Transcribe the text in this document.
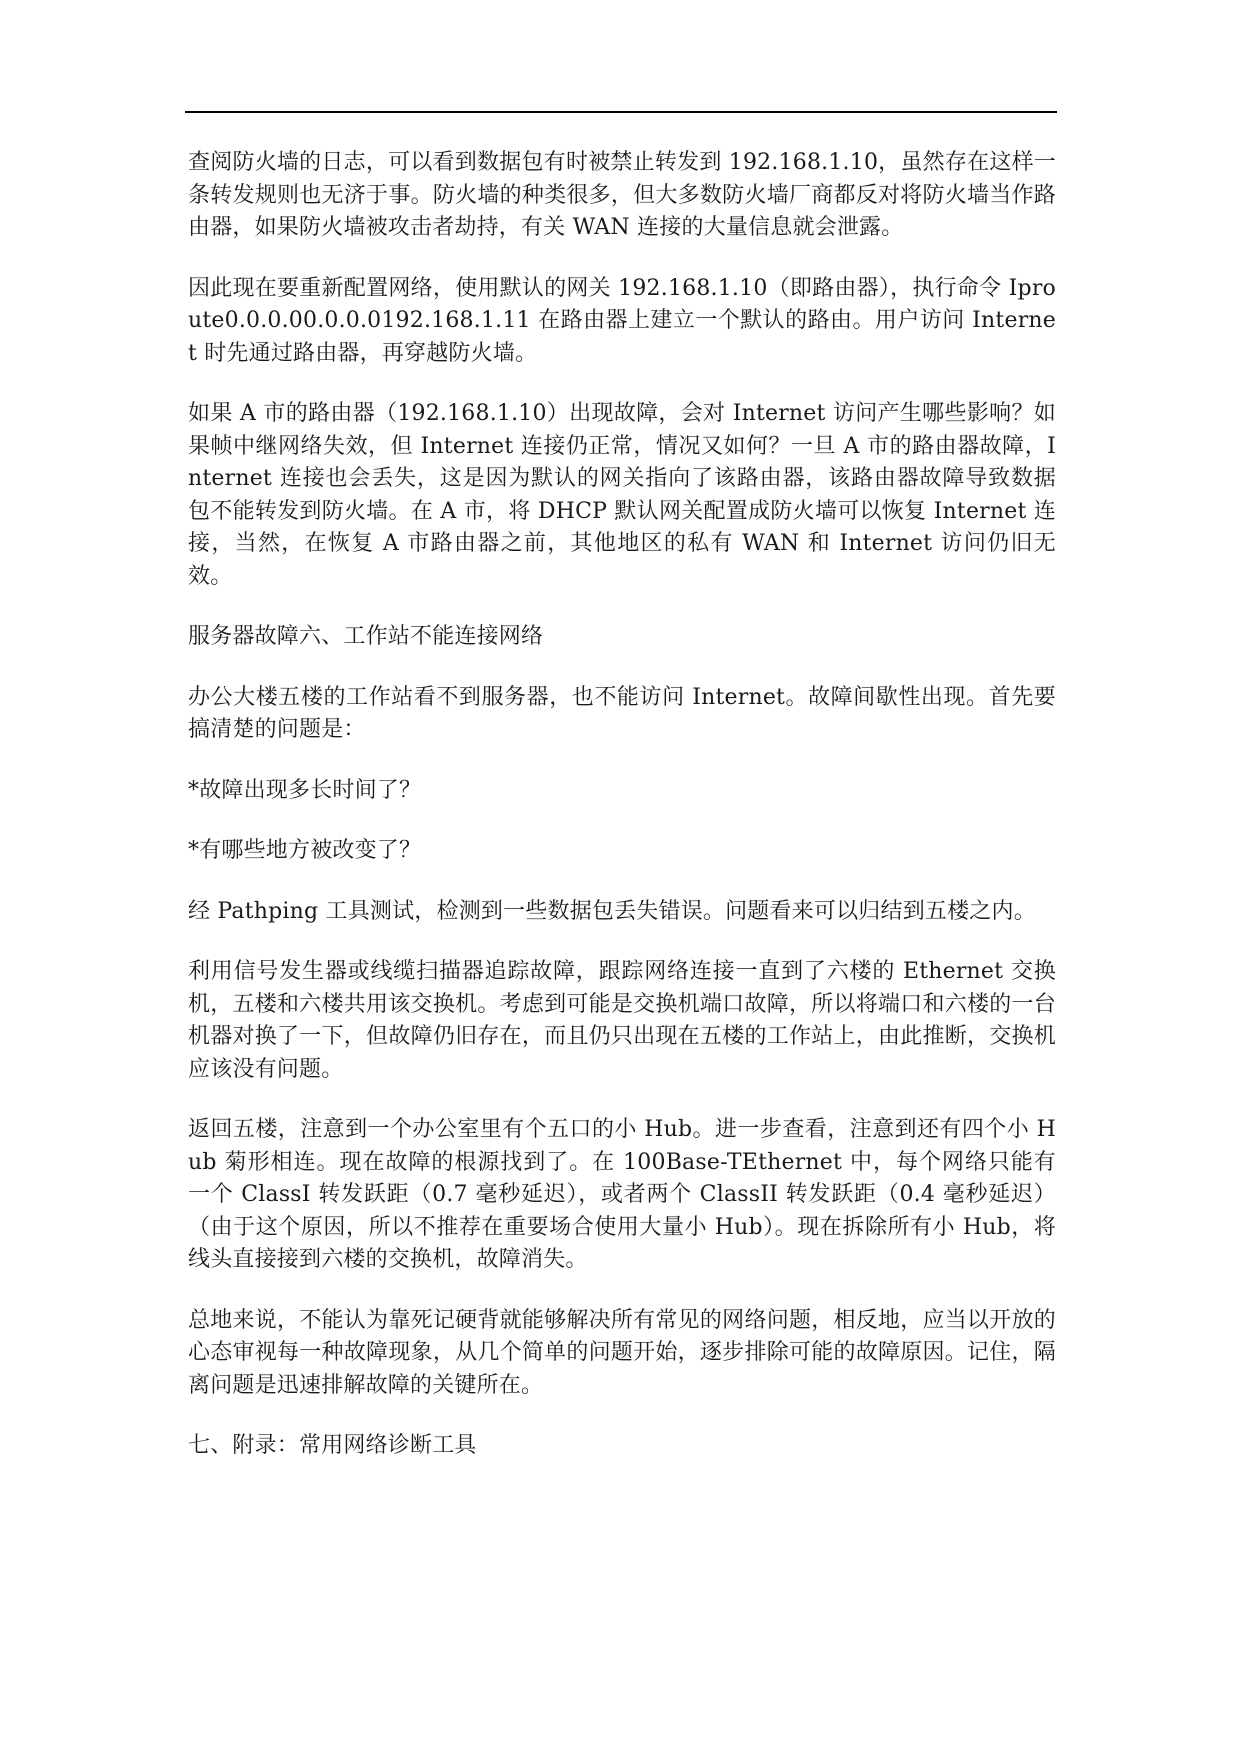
查阅防火墙的日志，可以看到数据包有时被禁止转发到 192.168.1.10，虽然存在这样一条转发规则也无济于事。防火墙的种类很多，但大多数防火墙厂商都反对将防火墙当作路由器，如果防火墙被攻击者劫持，有关 WAN 连接的大量信息就会泄露。

因此现在要重新配置网络，使用默认的网关 192.168.1.10（即路由器），执行命令 Iproute0.0.0.00.0.0.0192.168.1.11 在路由器上建立一个默认的路由。用户访问 Internet 时先通过路由器，再穿越防火墙。

如果 A 市的路由器（192.168.1.10）出现故障，会对 Internet 访问产生哪些影响？如果帧中继网络失效，但 Internet 连接仍正常，情况又如何？一旦 A 市的路由器故障，Internet 连接也会丢失，这是因为默认的网关指向了该路由器，该路由器故障导致数据包不能转发到防火墙。在 A 市，将 DHCP 默认网关配置成防火墙可以恢复 Internet 连接，当然，在恢复 A 市路由器之前，其他地区的私有 WAN 和 Internet 访问仍旧无效。

服务器故障六、工作站不能连接网络

办公大楼五楼的工作站看不到服务器，也不能访问 Internet。故障间歇性出现。首先要搞清楚的问题是：

*故障出现多长时间了？

*有哪些地方被改变了？

经 Pathping 工具测试，检测到一些数据包丢失错误。问题看来可以归结到五楼之内。

利用信号发生器或线缆扫描器追踪故障，跟踪网络连接一直到了六楼的 Ethernet 交换机，五楼和六楼共用该交换机。考虑到可能是交换机端口故障，所以将端口和六楼的一台机器对换了一下，但故障仍旧存在，而且仍只出现在五楼的工作站上，由此推断，交换机应该没有问题。

返回五楼，注意到一个办公室里有个五口的小 Hub。进一步查看，注意到还有四个小 Hub 菊形相连。现在故障的根源找到了。在 100Base-TEthernet 中，每个网络只能有一个 ClassI 转发跃距（0.7 毫秒延迟），或者两个 ClassII 转发跃距（0.4 毫秒延迟）（由于这个原因，所以不推荐在重要场合使用大量小 Hub）。现在拆除所有小 Hub，将线头直接接到六楼的交换机，故障消失。

总地来说，不能认为靠死记硬背就能够解决所有常见的网络问题，相反地，应当以开放的心态审视每一种故障现象，从几个简单的问题开始，逐步排除可能的故障原因。记住，隔离问题是迅速排解故障的关键所在。

七、附录：常用网络诊断工具
